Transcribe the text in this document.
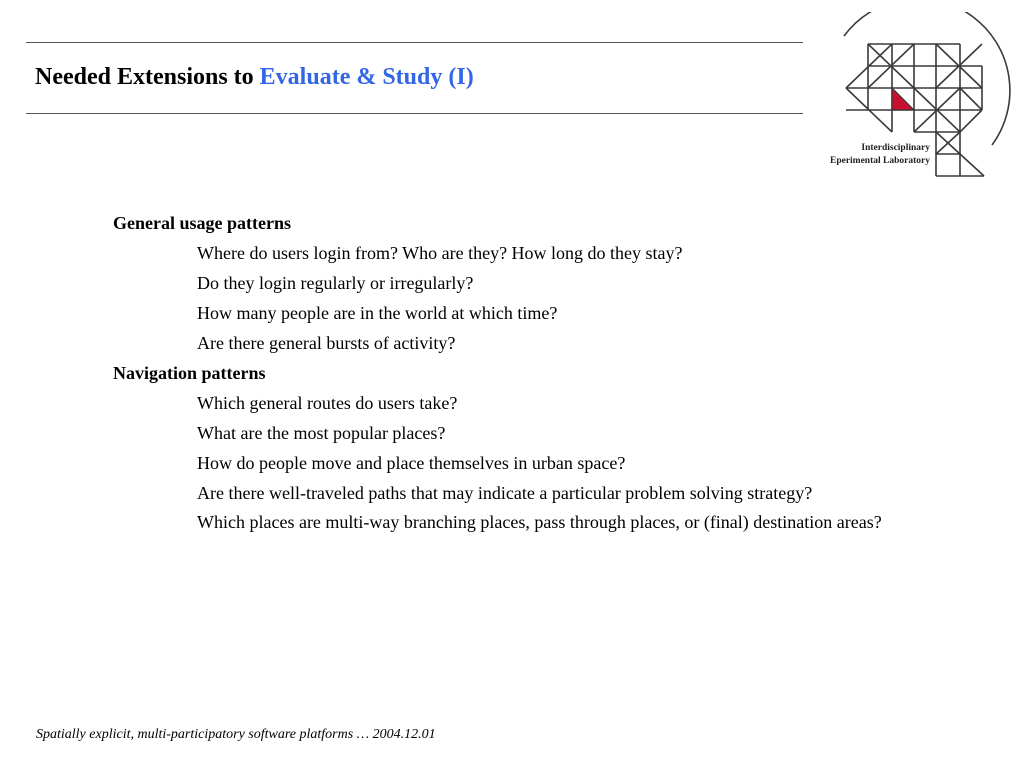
Needed Extensions to Evaluate & Study (I)
Interdisciplinary
Eperimental Laboratory
General usage patterns
Where do users login from? Who are they? How long do they stay?
Do they login regularly or irregularly?
How many people are in the world at which time?
Are there general bursts of activity?
Navigation patterns
Which general routes do users take?
What are the most popular places?
How do people move and place themselves in urban space?
Are there well-traveled paths that may indicate a particular problem solving strategy?
Which places are multi-way branching places, pass through places, or (final) destination areas?
Spatially explicit, multi-participatory software platforms … 2004.12.01
